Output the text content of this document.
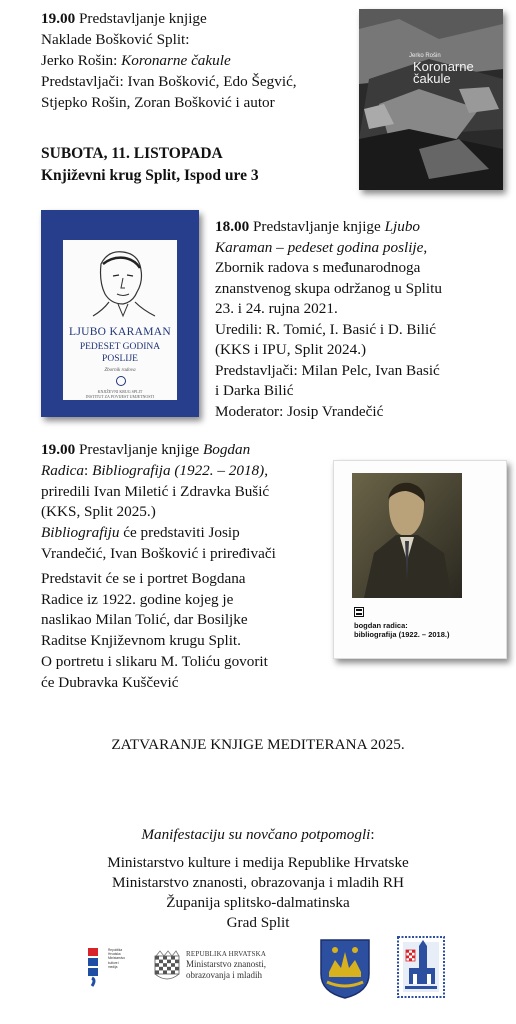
19.00 Predstavljanje knjige

Naklade Bošković Split:

Jerko Rošin: Koronarne čakule

Predstavljači: Ivan Bošković, Edo Šegvić,

Stjepko Rošin, Zoran Bošković i autor

Jerko Rošin
Koronarne
čakule

SUBOTA, 11. LISTOPADA

Književni krug Split, Ispod ure 3

LJUBO KARAMAN
PEDESET GODINA
POSLIJE
Zbornik radova
KNJIŽEVNI KRUG SPLIT
INSTITUT ZA POVIJEST UMJETNOSTI

18.00 Predstavljanje knjige Ljubo

Karaman – pedeset godina poslije,

Zbornik radova s međunarodnoga

znanstvenog skupa održanog u Splitu

23. i 24. rujna 2021.

Uredili: R. Tomić, I. Basić i D. Bilić

(KKS i IPU, Split 2024.)

Predstavljači: Milan Pelc, Ivan Basić

i Darka Bilić

Moderator: Josip Vrandečić

19.00 Prestavljanje knjige Bogdan

Radica: Bibliografija (1922. – 2018),

priredili Ivan Miletić i Zdravka Bušić

(KKS, Split 2025.)

Bibliografiju će predstaviti Josip

Vrandečić, Ivan Bošković i priređivači

Predstavit će se i portret Bogdana

Radice iz 1922. godine kojeg je

naslikao Milan Tolić, dar Bosiljke

Raditse Književnom krugu Split.

O portretu i slikaru M. Toliću govorit

će Dubravka Kuščević

bogdan radica:
bibliografija (1922. – 2018.)
ZATVARANJE KNJIGE MEDITERANA 2025.
Manifestaciju su novčano potpomogli:
Ministarstvo kulture i medija Republike Hrvatske
Ministarstvo znanosti, obrazovanja i mladih RH
Županija splitsko-dalmatinska
Grad Split
Republika
Hrvatska
Ministarstvo
kulture i
medija
REPUBLIKA HRVATSKA
Ministarstvo znanosti,
obrazovanja i mladih
